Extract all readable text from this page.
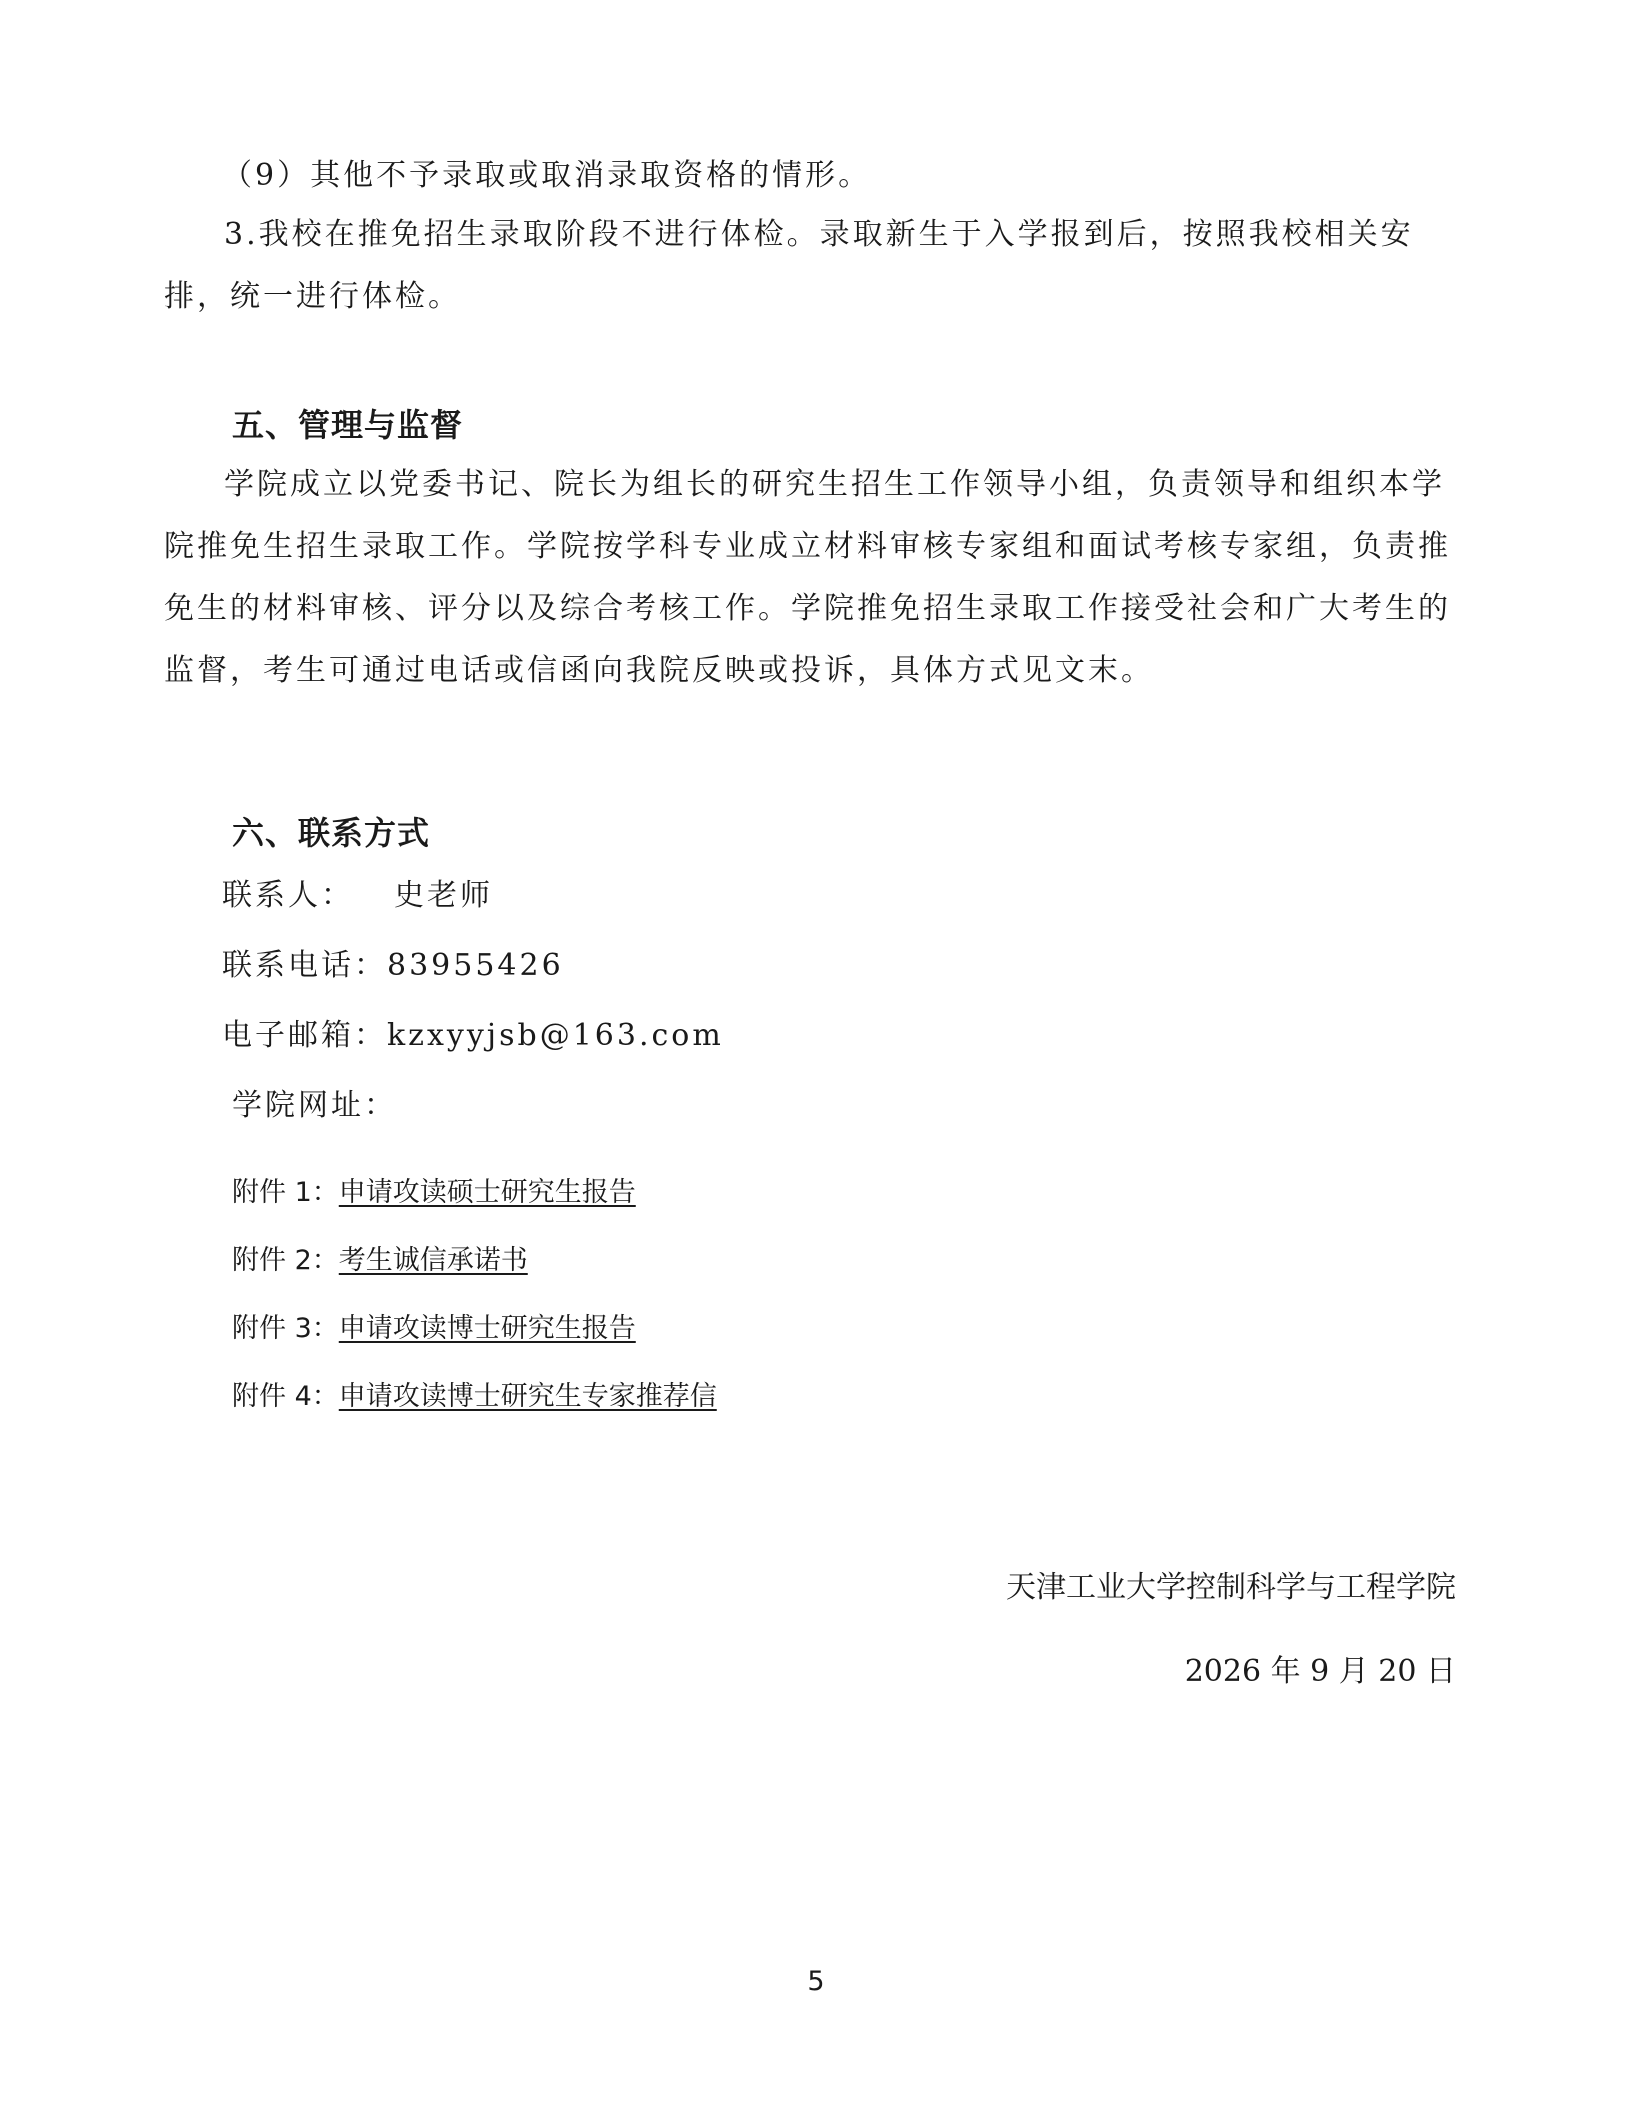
（9）其他不予录取或取消录取资格的情形。

3.我校在推免招生录取阶段不进行体检。录取新生于入学报到后，按照我校相关安排，统一进行体检。

五、管理与监督

学院成立以党委书记、院长为组长的研究生招生工作领导小组，负责领导和组织本学院推免生招生录取工作。学院按学科专业成立材料审核专家组和面试考核专家组，负责推免生的材料审核、评分以及综合考核工作。学院推免招生录取工作接受社会和广大考生的监督，考生可通过电话或信函向我院反映或投诉，具体方式见文末。

六、联系方式
联系人： 史老师
联系电话：83955426
电子邮箱：kzxyyjsb@163.com
学院网址：
附件 1：申请攻读硕士研究生报告
附件 2：考生诚信承诺书
附件 3：申请攻读博士研究生报告
附件 4：申请攻读博士研究生专家推荐信
天津工业大学控制科学与工程学院
2026 年 9 月 20 日
5
